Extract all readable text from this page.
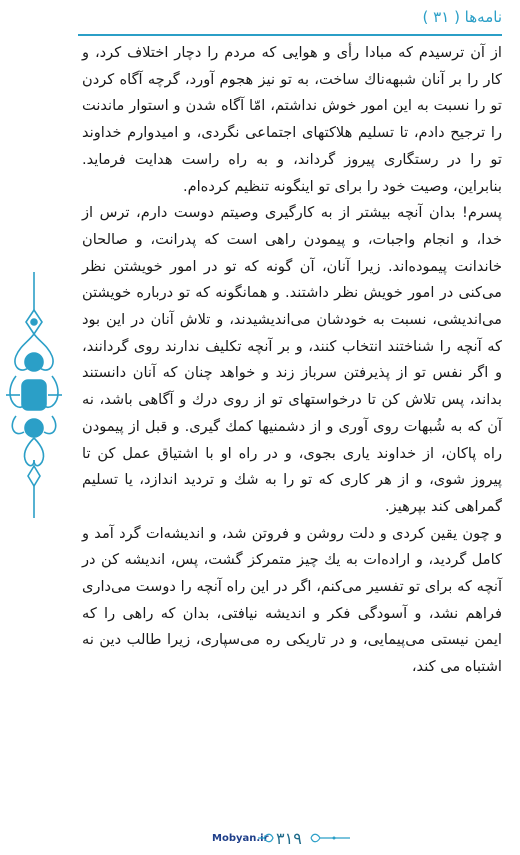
نامه‌ها ( ۳۱ )

از آن ترسیدم که مبادا رأی و هوایی که مردم را دچار اختلاف کرد، و کار را بر آنان شبهه‌ناك ساخت، به تو نیز هجوم آورد، گرچه آگاه کردن تو را نسبت به این امور خوش نداشتم، امّا آگاه شدن و استوار ماندنت را ترجیح دادم، تا تسلیم هلاکتهای اجتماعی نگردی، و امیدوارم خداوند تو را در رستگاری پیروز گرداند، و به راه راست هدایت فرماید. بنابراین، وصیت خود را برای تو اینگونه تنظیم کرده‌ام.

پسرم! بدان آنچه بیشتر از به کارگیری وصیتم دوست دارم، ترس از خدا، و انجام واجبات، و پیمودن راهی است که پدرانت، و صالحان خاندانت پیموده‌اند. زیرا آنان، آن گونه که تو در امور خویشتن نظر می‌کنی در امور خویش نظر داشتند. و همانگونه که تو درباره خویشتن می‌اندیشی، نسبت به خودشان می‌اندیشیدند، و تلاش آنان در این بود که آنچه را شناختند انتخاب کنند، و بر آنچه تکلیف ندارند روی گردانند، و اگر نفس تو از پذیرفتن سرباز زند و خواهد چنان که آنان دانستند بداند، پس تلاش کن تا درخواستهای تو از روی درك و آگاهی باشد، نه آن که به شُبهات روی آوری و از دشمنیها کمك گیری. و قبل از پیمودن راه پاکان، از خداوند یاری بجوی، و در راه او با اشتیاق عمل کن تا پیروز شوی، و از هر کاری که تو را به شك و تردید اندازد، یا تسلیم گمراهی کند بپرهیز.

و چون یقین کردی و دلت روشن و فروتن شد، و اندیشه‌ات گرد آمد و کامل گردید، و اراده‌ات به یك چیز متمرکز گشت، پس، اندیشه کن در آنچه که برای تو تفسیر می‌کنم، اگر در این راه آنچه را دوست می‌داری فراهم نشد، و آسودگی فکر و اندیشه نیافتی، بدان که راهی را که ایمن نیستی می‌پیمایی، و در تاریکی ره می‌سپاری، زیرا طالب دین نه اشتباه می کند،

Mobyan.ir ۳۱۹
